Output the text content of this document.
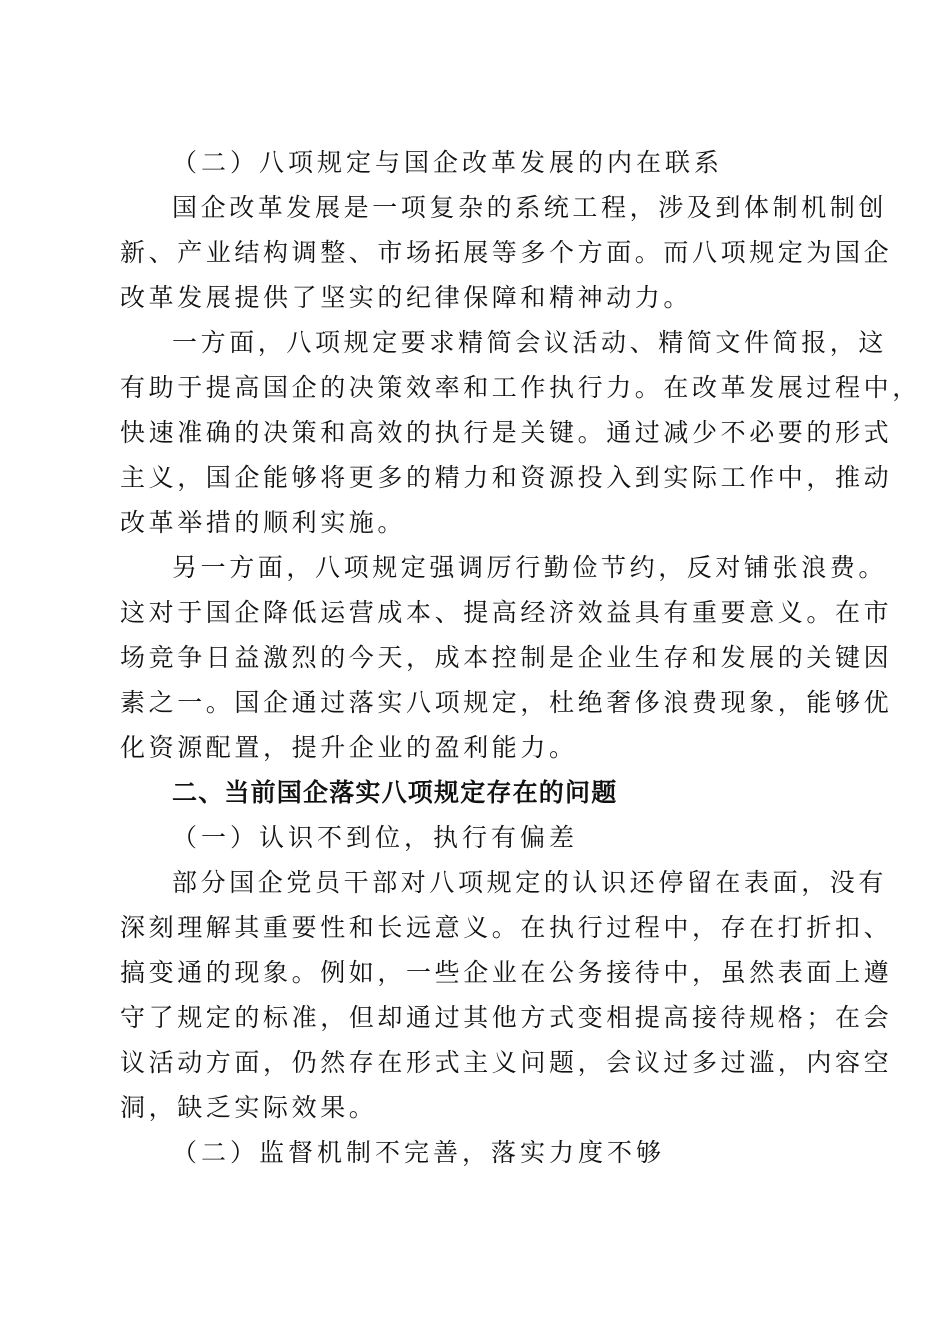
（二）八项规定与国企改革发展的内在联系
国企改革发展是一项复杂的系统工程，涉及到体制机制创
新、产业结构调整、市场拓展等多个方面。而八项规定为国企
改革发展提供了坚实的纪律保障和精神动力。
一方面，八项规定要求精简会议活动、精简文件简报，这
有助于提高国企的决策效率和工作执行力。在改革发展过程中，
快速准确的决策和高效的执行是关键。通过减少不必要的形式
主义，国企能够将更多的精力和资源投入到实际工作中，推动
改革举措的顺利实施。
另一方面，八项规定强调厉行勤俭节约，反对铺张浪费。
这对于国企降低运营成本、提高经济效益具有重要意义。在市
场竞争日益激烈的今天，成本控制是企业生存和发展的关键因
素之一。国企通过落实八项规定，杜绝奢侈浪费现象，能够优
化资源配置，提升企业的盈利能力。
二、当前国企落实八项规定存在的问题
（一）认识不到位，执行有偏差
部分国企党员干部对八项规定的认识还停留在表面，没有
深刻理解其重要性和长远意义。在执行过程中，存在打折扣、
搞变通的现象。例如，一些企业在公务接待中，虽然表面上遵
守了规定的标准，但却通过其他方式变相提高接待规格；在会
议活动方面，仍然存在形式主义问题，会议过多过滥，内容空
洞，缺乏实际效果。
（二）监督机制不完善，落实力度不够
